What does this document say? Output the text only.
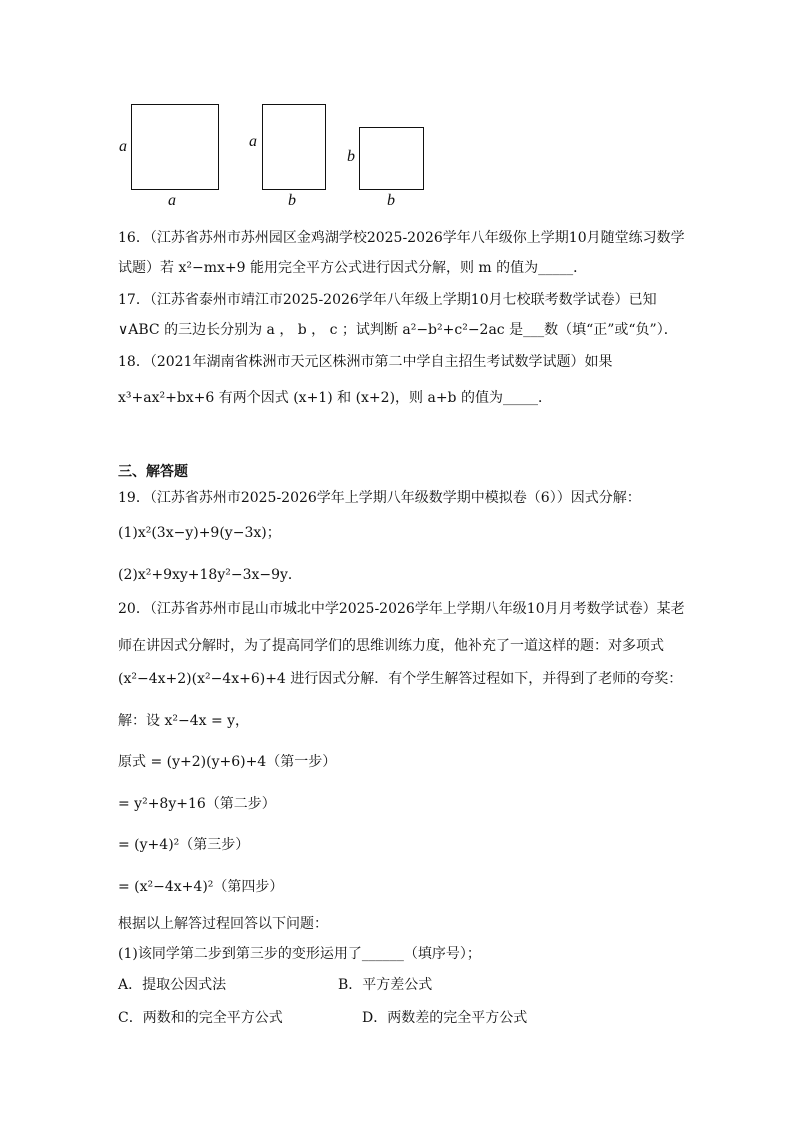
a
a
a
b
b
b
16．（江苏省苏州市苏州园区金鸡湖学校2025-2026学年八年级你上学期10月随堂练习数学
试题）若 x²−mx+9 能用完全平方公式进行因式分解，则 m 的值为_____．
17．（江苏省泰州市靖江市2025-2026学年八年级上学期10月七校联考数学试卷）已知
∨ABC 的三边长分别为 a ， b ， c ；试判断 a²−b²+c²−2ac 是___数（填“正”或“负”）．
18．（2021年湖南省株洲市天元区株洲市第二中学自主招生考试数学试题）如果
x³+ax²+bx+6 有两个因式 (x+1) 和 (x+2)，则 a+b 的值为_____．
三、解答题
19．（江苏省苏州市2025-2026学年上学期八年级数学期中模拟卷（6））因式分解：
(1)x²(3x−y)+9(y−3x)；
(2)x²+9xy+18y²−3x−9y．
20．（江苏省苏州市昆山市城北中学2025-2026学年上学期八年级10月月考数学试卷）某老
师在讲因式分解时，为了提高同学们的思维训练力度，他补充了一道这样的题：对多项式
(x²−4x+2)(x²−4x+6)+4 进行因式分解．有个学生解答过程如下，并得到了老师的夸奖：
解：设 x²−4x = y，
原式 = (y+2)(y+6)+4（第一步）
= y²+8y+16（第二步）
= (y+4)²（第三步）
= (x²−4x+4)²（第四步）
根据以上解答过程回答以下问题：
(1)该同学第二步到第三步的变形运用了______（填序号）；
A．提取公因式法	B．平方差公式
C．两数和的完全平方公式	D．两数差的完全平方公式
